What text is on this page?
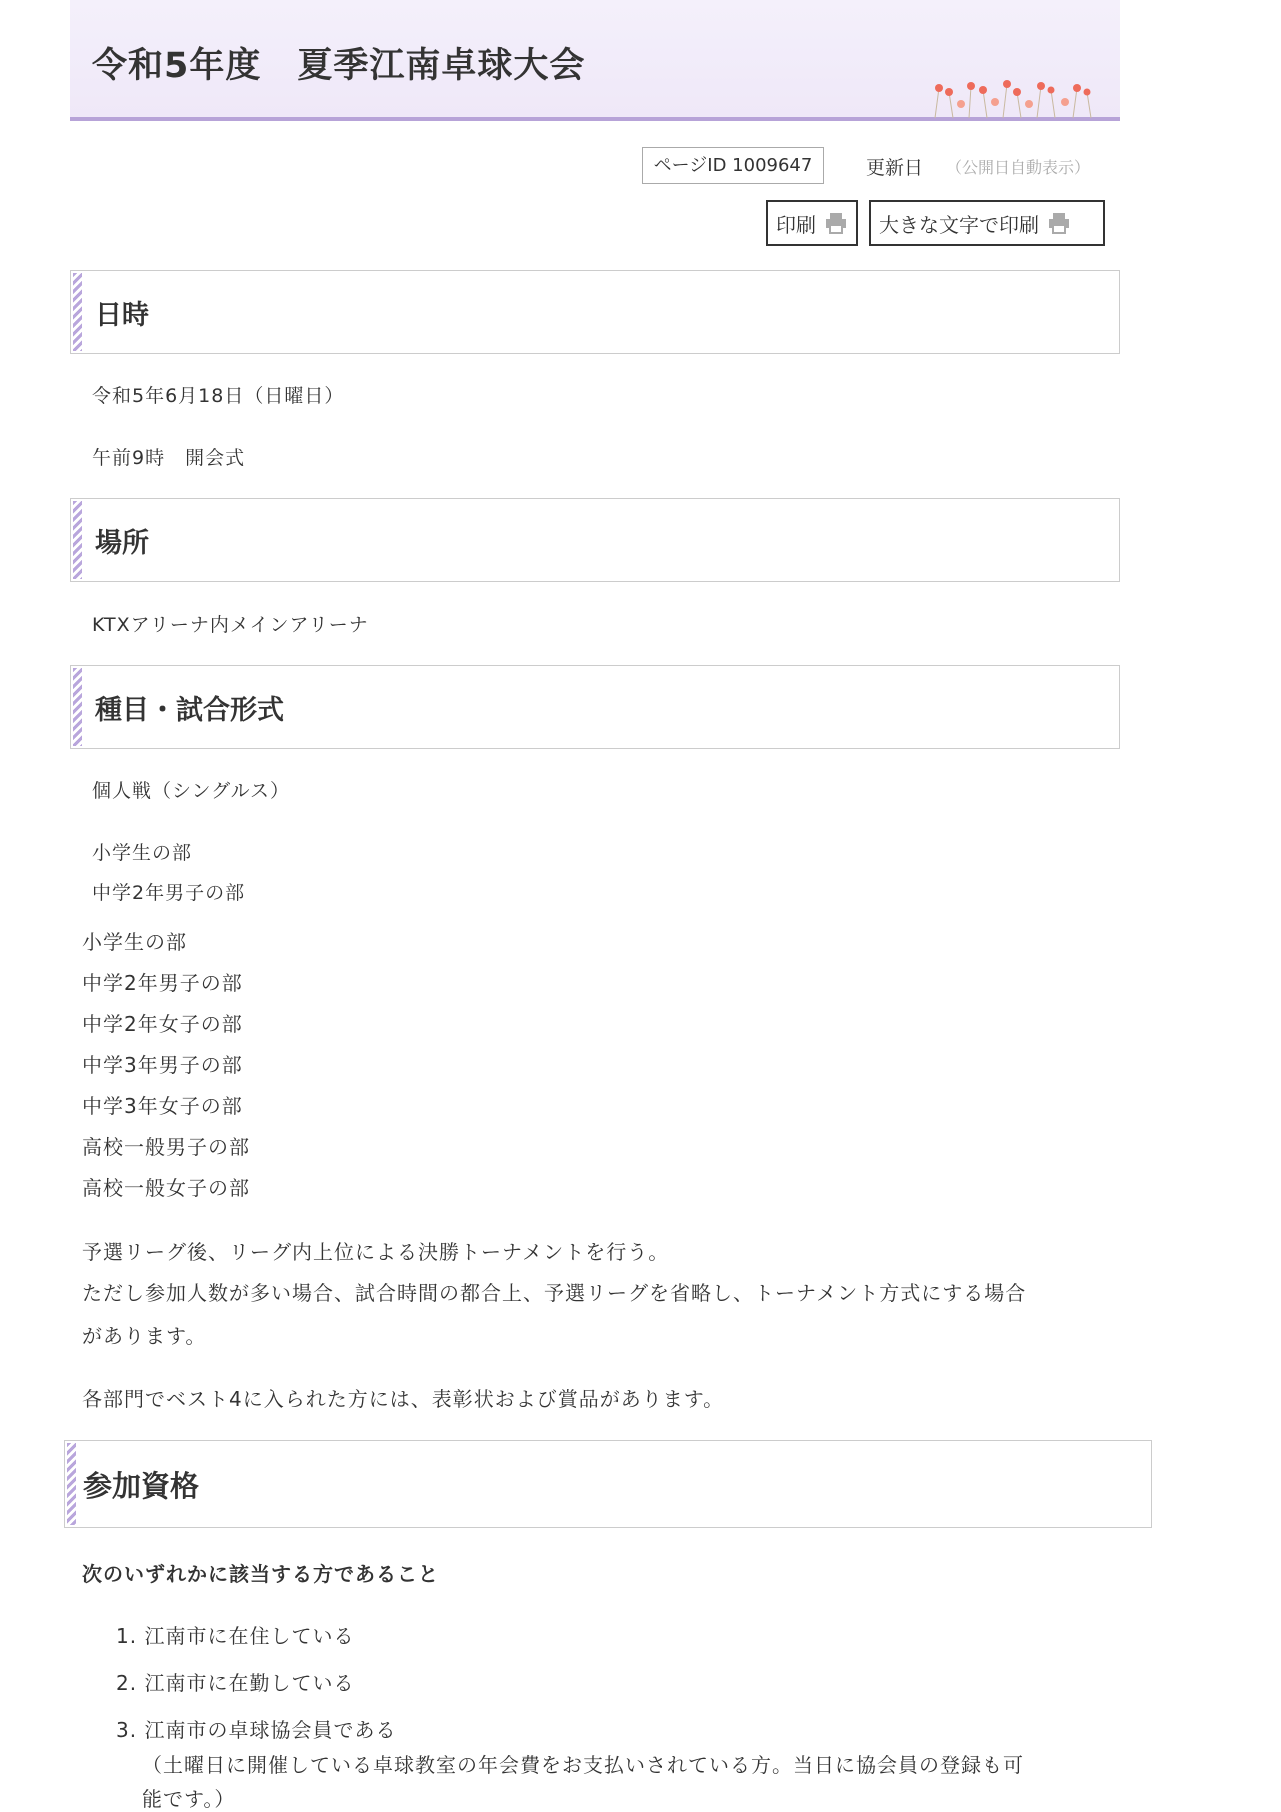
令和5年度　夏季江南卓球大会
ページID 1009647	更新日 （公開日自動表示）
印刷	大きな文字で印刷
日時
令和5年6月18日（日曜日）
午前9時　開会式
場所
KTXアリーナ内メインアリーナ
種目・試合形式
個人戦（シングルス）
小学生の部
中学2年男子の部
小学生の部
中学2年男子の部
中学2年女子の部
中学3年男子の部
中学3年女子の部
高校一般男子の部
高校一般女子の部
予選リーグ後、リーグ内上位による決勝トーナメントを行う。
ただし参加人数が多い場合、試合時間の都合上、予選リーグを省略し、トーナメント方式にする場合
があります。
各部門でベスト4に入られた方には、表彰状および賞品があります。
参加資格
次のいずれかに該当する方であること
1. 江南市に在住している
2. 江南市に在勤している
3. 江南市の卓球協会員である
（土曜日に開催している卓球教室の年会費をお支払いされている方。当日に協会員の登録も可
能です。）
